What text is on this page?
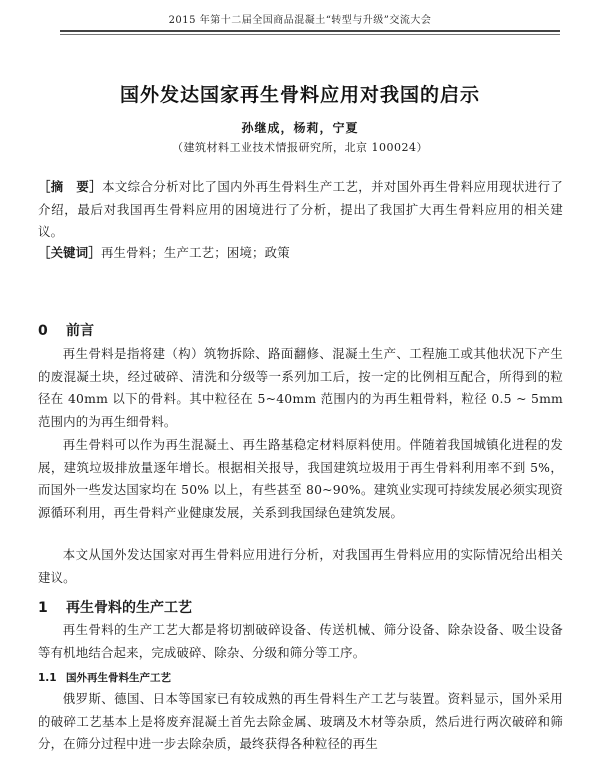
2015 年第十二届全国商品混凝土“转型与升级”交流大会
国外发达国家再生骨料应用对我国的启示
孙继成，杨莉，宁夏
（建筑材料工业技术情报研究所，北京 100024）
［摘　要］本文综合分析对比了国内外再生骨料生产工艺，并对国外再生骨料应用现状进行了介绍，最后对我国再生骨料应用的困境进行了分析，提出了我国扩大再生骨料应用的相关建议。
［关键词］再生骨料；生产工艺；困境；政策
0 前言

再生骨料是指将建（构）筑物拆除、路面翻修、混凝土生产、工程施工或其他状况下产生的废混凝土块，经过破碎、清洗和分级等一系列加工后，按一定的比例相互配合，所得到的粒径在 40mm 以下的骨料。其中粒径在 5~40mm 范围内的为再生粗骨料，粒径 0.5 ~ 5mm 范围内的为再生细骨料。

再生骨料可以作为再生混凝土、再生路基稳定材料原料使用。伴随着我国城镇化进程的发展，建筑垃圾排放量逐年增长。根据相关报导，我国建筑垃圾用于再生骨料利用率不到 5%，而国外一些发达国家均在 50% 以上，有些甚至 80~90%。建筑业实现可持续发展必须实现资源循环利用，再生骨料产业健康发展，关系到我国绿色建筑发展。

本文从国外发达国家对再生骨料应用进行分析，对我国再生骨料应用的实际情况给出相关建议。

1 再生骨料的生产工艺

再生骨料的生产工艺大都是将切割破碎设备、传送机械、筛分设备、除杂设备、吸尘设备等有机地结合起来，完成破碎、除杂、分级和筛分等工序。

1.1 国外再生骨料生产工艺

俄罗斯、德国、日本等国家已有较成熟的再生骨料生产工艺与装置。资料显示，国外采用的破碎工艺基本上是将废弃混凝土首先去除金属、玻璃及木材等杂质，然后进行两次破碎和筛分，在筛分过程中进一步去除杂质，最终获得各种粒径的再生
